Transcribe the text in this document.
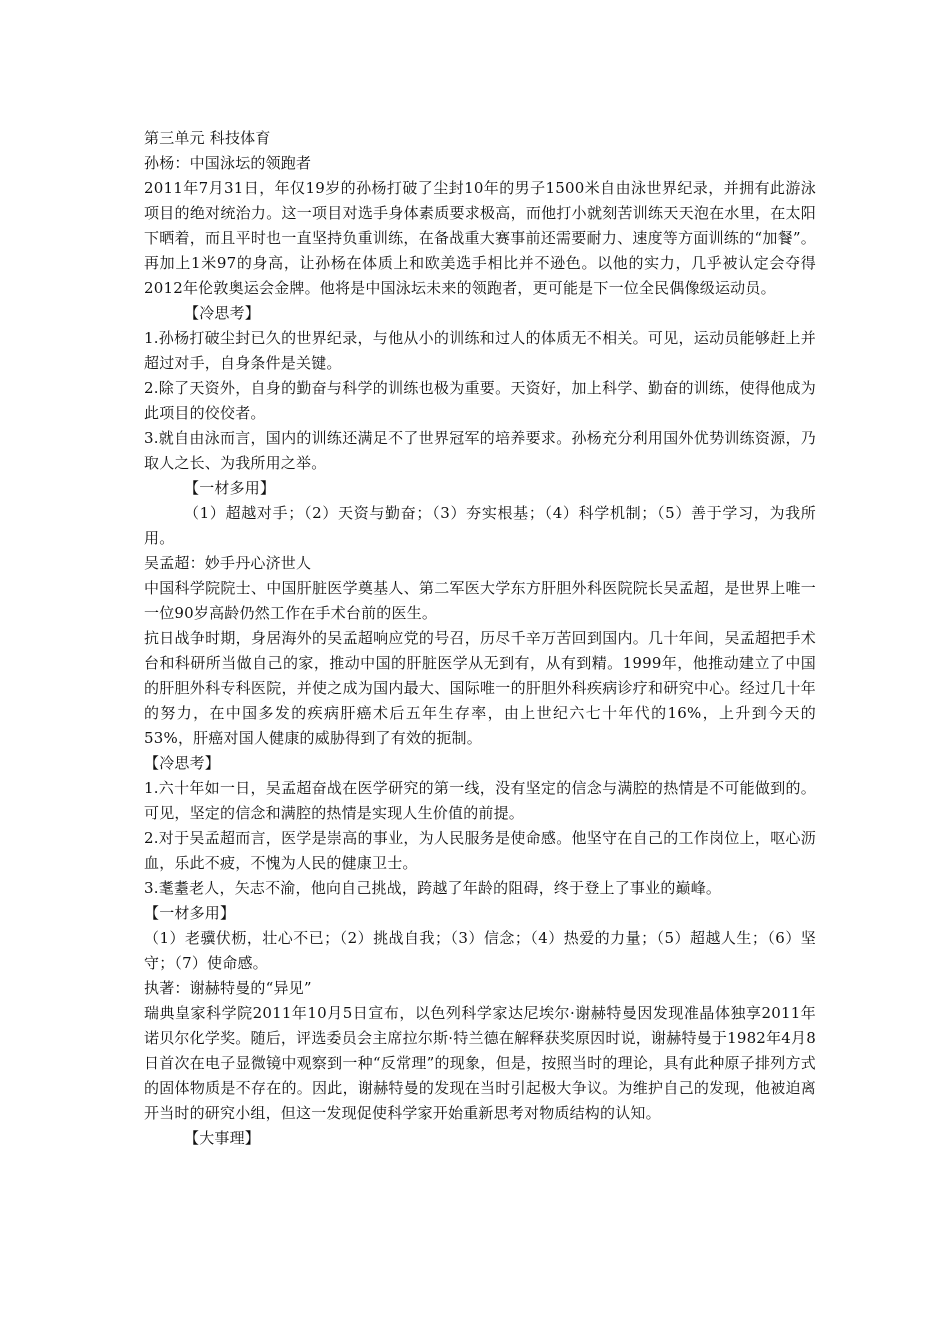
第三单元 科技体育

孙杨：中国泳坛的领跑者

2011年7月31日，年仅19岁的孙杨打破了尘封10年的男子1500米自由泳世界纪录，并拥有此游泳项目的绝对统治力。这一项目对选手身体素质要求极高，而他打小就刻苦训练天天泡在水里，在太阳下晒着，而且平时也一直坚持负重训练，在备战重大赛事前还需要耐力、速度等方面训练的“加餐”。再加上1米97的身高，让孙杨在体质上和欧美选手相比并不逊色。以他的实力，几乎被认定会夺得2012年伦敦奥运会金牌。他将是中国泳坛未来的领跑者，更可能是下一位全民偶像级运动员。

【冷思考】

1.孙杨打破尘封已久的世界纪录，与他从小的训练和过人的体质无不相关。可见，运动员能够赶上并超过对手，自身条件是关键。

2.除了天资外，自身的勤奋与科学的训练也极为重要。天资好，加上科学、勤奋的训练，使得他成为此项目的佼佼者。

3.就自由泳而言，国内的训练还满足不了世界冠军的培养要求。孙杨充分利用国外优势训练资源，乃取人之长、为我所用之举。

【一材多用】

（1）超越对手；（2）天资与勤奋；（3）夯实根基；（4）科学机制；（5）善于学习，为我所用。

吴孟超：妙手丹心济世人

中国科学院院士、中国肝脏医学奠基人、第二军医大学东方肝胆外科医院院长吴孟超，是世界上唯一一位90岁高龄仍然工作在手术台前的医生。

抗日战争时期，身居海外的吴孟超响应党的号召，历尽千辛万苦回到国内。几十年间，吴孟超把手术台和科研所当做自己的家，推动中国的肝脏医学从无到有，从有到精。1999年，他推动建立了中国的肝胆外科专科医院，并使之成为国内最大、国际唯一的肝胆外科疾病诊疗和研究中心。经过几十年的努力，在中国多发的疾病肝癌术后五年生存率，由上世纪六七十年代的16%，上升到今天的53%，肝癌对国人健康的威胁得到了有效的扼制。

【冷思考】

1.六十年如一日，吴孟超奋战在医学研究的第一线，没有坚定的信念与满腔的热情是不可能做到的。可见，坚定的信念和满腔的热情是实现人生价值的前提。

2.对于吴孟超而言，医学是崇高的事业，为人民服务是使命感。他坚守在自己的工作岗位上，呕心沥血，乐此不疲，不愧为人民的健康卫士。

3.耄耋老人，矢志不渝，他向自己挑战，跨越了年龄的阻碍，终于登上了事业的巅峰。

【一材多用】

（1）老骥伏枥，壮心不已；（2）挑战自我；（3）信念；（4）热爱的力量；（5）超越人生；（6）坚守；（7）使命感。

执著：谢赫特曼的“异见”

瑞典皇家科学院2011年10月5日宣布，以色列科学家达尼埃尔·谢赫特曼因发现准晶体独享2011年诺贝尔化学奖。随后，评选委员会主席拉尔斯·特兰德在解释获奖原因时说，谢赫特曼于1982年4月8日首次在电子显微镜中观察到一种“反常理”的现象，但是，按照当时的理论，具有此种原子排列方式的固体物质是不存在的。因此，谢赫特曼的发现在当时引起极大争议。为维护自己的发现，他被迫离开当时的研究小组，但这一发现促使科学家开始重新思考对物质结构的认知。

【大事理】
